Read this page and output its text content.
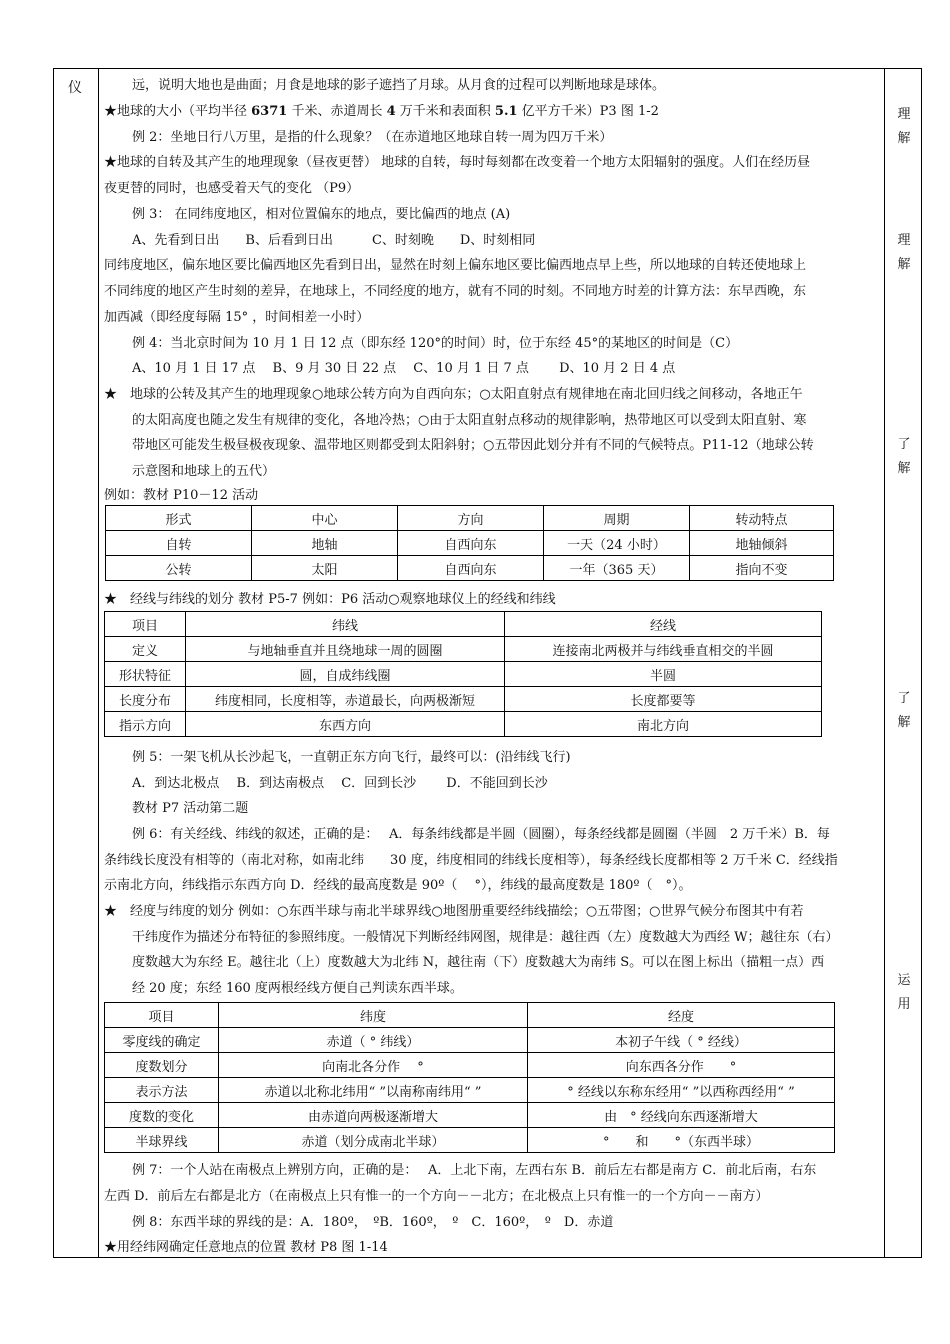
仪
理
解
理
解
了
解
了
解
运
用
远，说明大地也是曲面；月食是地球的影子遮挡了月球。从月食的过程可以判断地球是球体。
★地球的大小（平均半径 6371 千米、赤道周长 4 万千米和表面积 5.1 亿平方千米）P3 图 1-2
例 2：坐地日行八万里，是指的什么现象？（在赤道地区地球自转一周为四万千米）
★地球的自转及其产生的地理现象（昼夜更替） 地球的自转，每时每刻都在改变着一个地方太阳辐射的强度。人们在经历昼
夜更替的同时，也感受着天气的变化 （P9）
例 3： 在同纬度地区，相对位置偏东的地点，要比偏西的地点 (A)
A、先看到日出　　B、后看到日出　　　C、时刻晚　　D、时刻相同
同纬度地区，偏东地区要比偏西地区先看到日出，显然在时刻上偏东地区要比偏西地点早上些，所以地球的自转还使地球上
不同纬度的地区产生时刻的差异，在地球上，不同经度的地方，就有不同的时刻。不同地方时差的计算方法：东早西晚，东
加西减（即经度每隔 15° ，时间相差一小时）
例 4：当北京时间为 10 月 1 日 12 点（即东经 120°的时间）时，位于东经 45°的某地区的时间是（C）
A、10 月 1 日 17 点　 B、9 月 30 日 22 点　 C、10 月 1 日 7 点　　 D、10 月 2 日 4 点
★　地球的公转及其产生的地理现象○地球公转方向为自西向东；○太阳直射点有规律地在南北回归线之间移动，各地正午
的太阳高度也随之发生有规律的变化，各地冷热；○由于太阳直射点移动的规律影响，热带地区可以受到太阳直射、寒
带地区可能发生极昼极夜现象、温带地区则都受到太阳斜射；○五带因此划分并有不同的气候特点。P11-12（地球公转
示意图和地球上的五代）
例如：教材 P10－12 活动
形式	中心	方向	周期	转动特点
自转	地轴	自西向东	一天（24 小时）	地轴倾斜
公转	太阳	自西向东	一年（365 天）	指向不变
★　经线与纬线的划分 教材 P5-7 例如：P6 活动○观察地球仪上的经线和纬线
项目	纬线	经线
定义	与地轴垂直并且绕地球一周的圆圈	连接南北两极并与纬线垂直相交的半圆
形状特征	圆，自成纬线圈	半圆
长度分布	纬度相同，长度相等，赤道最长，向两极渐短	长度都要等
指示方向	东西方向	南北方向
例 5：一架飞机从长沙起飞，一直朝正东方向飞行，最终可以：(沿纬线飞行)
A．到达北极点　 B．到达南极点　 C．回到长沙　　 D．不能回到长沙
教材 P7 活动第二题
例 6：有关经线、纬线的叙述，正确的是：　 A．每条纬线都是半圆（圆圈），每条经线都是圆圈（半圆　2 万千米）B．每
条纬线长度没有相等的（南北对称，如南北纬　　30 度，纬度相同的纬线长度相等），每条经线长度都相等 2 万千米 C．经线指
示南北方向，纬线指示东西方向 D．经线的最高度数是 90º（　 °），纬线的最高度数是 180º（　°）。
★　经度与纬度的划分 例如：○东西半球与南北半球界线○地图册重要经纬线描绘；○五带图；○世界气候分布图其中有若
干纬度作为描述分布特征的参照纬度。一般情况下判断经纬网图，规律是：越往西（左）度数越大为西经 W；越往东（右）
度数越大为东经 E。越往北（上）度数越大为北纬 N，越往南（下）度数越大为南纬 S。可以在图上标出（描粗一点）西
经 20 度；东经 160 度两根经线方便自己判读东西半球。
项目	纬度	经度
零度线的确定	赤道（ ° 纬线）	本初子午线（ ° 经线）
度数划分	向南北各分作　 °	向东西各分作　　°
表示方法	赤道以北称北纬用“ ”以南称南纬用“ ”	° 经线以东称东经用“ ”以西称西经用“ ”
度数的变化	由赤道向两极逐渐增大	由　° 经线向东西逐渐增大
半球界线	赤道（划分成南北半球）	°　　和　　°（东西半球）
例 7：一个人站在南极点上辨别方向，正确的是：　 A．上北下南，左西右东 B．前后左右都是南方 C．前北后南，右东
左西 D．前后左右都是北方（在南极点上只有惟一的一个方向－－北方；在北极点上只有惟一的一个方向－－南方）
例 8：东西半球的界线的是：A．180º，　ºB．160º，　º　C．160º，　º　D．赤道
★用经纬网确定任意地点的位置 教材 P8 图 1-14
